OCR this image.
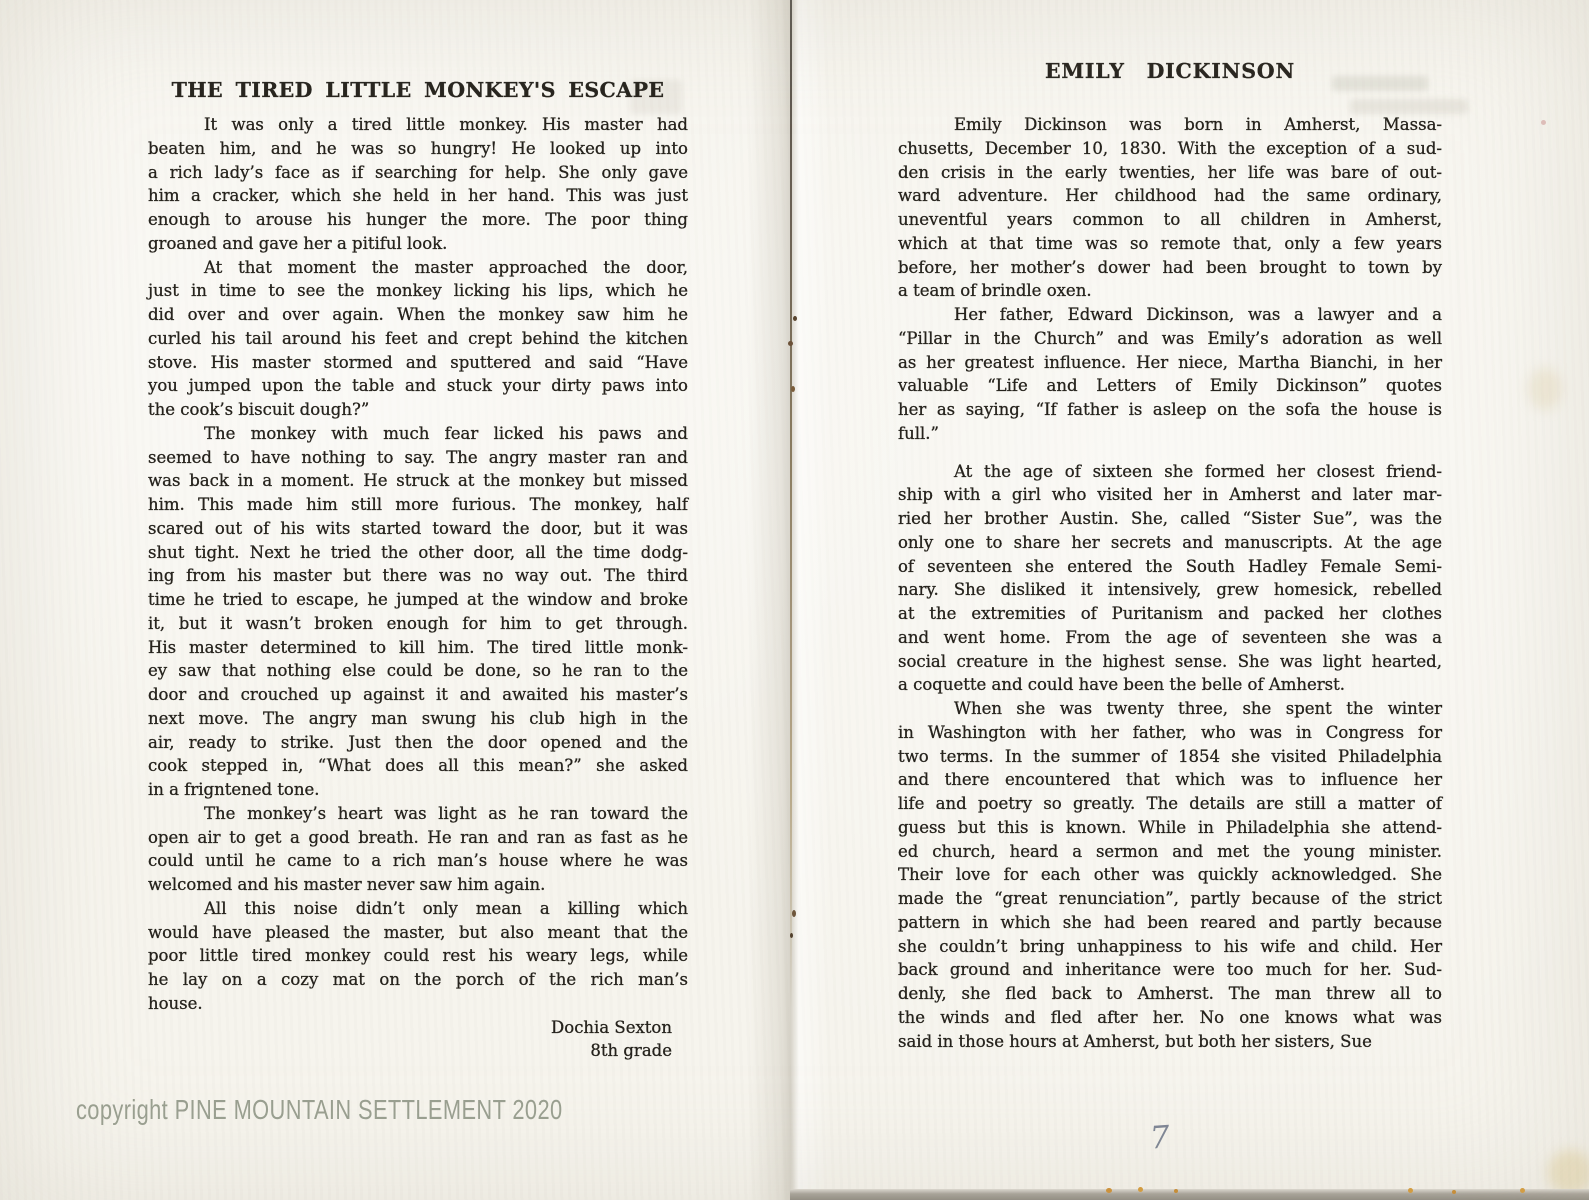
THE TIRED LITTLE MONKEY'S ESCAPE
It was only a tired little monkey. His master had
beaten him, and he was so hungry! He looked up into
a rich lady’s face as if searching for help. She only gave
him a cracker, which she held in her hand. This was just
enough to arouse his hunger the more. The poor thing
groaned and gave her a pitiful look.
At that moment the master approached the door,
just in time to see the monkey licking his lips, which he
did over and over again. When the monkey saw him he
curled his tail around his feet and crept behind the kitchen
stove. His master stormed and sputtered and said “Have
you jumped upon the table and stuck your dirty paws into
the cook’s biscuit dough?”
The monkey with much fear licked his paws and
seemed to have nothing to say. The angry master ran and
was back in a moment. He struck at the monkey but missed
him. This made him still more furious. The monkey, half
scared out of his wits started toward the door, but it was
shut tight. Next he tried the other door, all the time dodg-
ing from his master but there was no way out. The third
time he tried to escape, he jumped at the window and broke
it, but it wasn’t broken enough for him to get through.
His master determined to kill him. The tired little monk-
ey saw that nothing else could be done, so he ran to the
door and crouched up against it and awaited his master’s
next move. The angry man swung his club high in the
air, ready to strike. Just then the door opened and the
cook stepped in, “What does all this mean?” she asked
in a frigntened tone.
The monkey’s heart was light as he ran toward the
open air to get a good breath. He ran and ran as fast as he
could until he came to a rich man’s house where he was
welcomed and his master never saw him again.
All this noise didn’t only mean a killing which
would have pleased the master, but also meant that the
poor little tired monkey could rest his weary legs, while
he lay on a cozy mat on the porch of the rich man’s
house.
Dochia Sexton
8th grade
EMILY DICKINSON
Emily Dickinson was born in Amherst, Massa-
chusetts, December 10, 1830. With the exception of a sud-
den crisis in the early twenties, her life was bare of out-
ward adventure. Her childhood had the same ordinary,
uneventful years common to all children in Amherst,
which at that time was so remote that, only a few years
before, her mother’s dower had been brought to town by
a team of brindle oxen.
Her father, Edward Dickinson, was a lawyer and a
“Pillar in the Church” and was Emily’s adoration as well
as her greatest influence. Her niece, Martha Bianchi, in her
valuable “Life and Letters of Emily Dickinson” quotes
her as saying, “If father is asleep on the sofa the house is
full.”
At the age of sixteen she formed her closest friend-
ship with a girl who visited her in Amherst and later mar-
ried her brother Austin. She, called “Sister Sue”, was the
only one to share her secrets and manuscripts. At the age
of seventeen she entered the South Hadley Female Semi-
nary. She disliked it intensively, grew homesick, rebelled
at the extremities of Puritanism and packed her clothes
and went home. From the age of seventeen she was a
social creature in the highest sense. She was light hearted,
a coquette and could have been the belle of Amherst.
When she was twenty three, she spent the winter
in Washington with her father, who was in Congress for
two terms. In the summer of 1854 she visited Philadelphia
and there encountered that which was to influence her
life and poetry so greatly. The details are still a matter of
guess but this is known. While in Philadelphia she attend-
ed church, heard a sermon and met the young minister.
Their love for each other was quickly acknowledged. She
made the “great renunciation”, partly because of the strict
pattern in which she had been reared and partly because
she couldn’t bring unhappiness to his wife and child. Her
back ground and inheritance were too much for her. Sud-
denly, she fled back to Amherst. The man threw all to
the winds and fled after her. No one knows what was
said in those hours at Amherst, but both her sisters, Sue
copyright PINE MOUNTAIN SETTLEMENT 2020
7
